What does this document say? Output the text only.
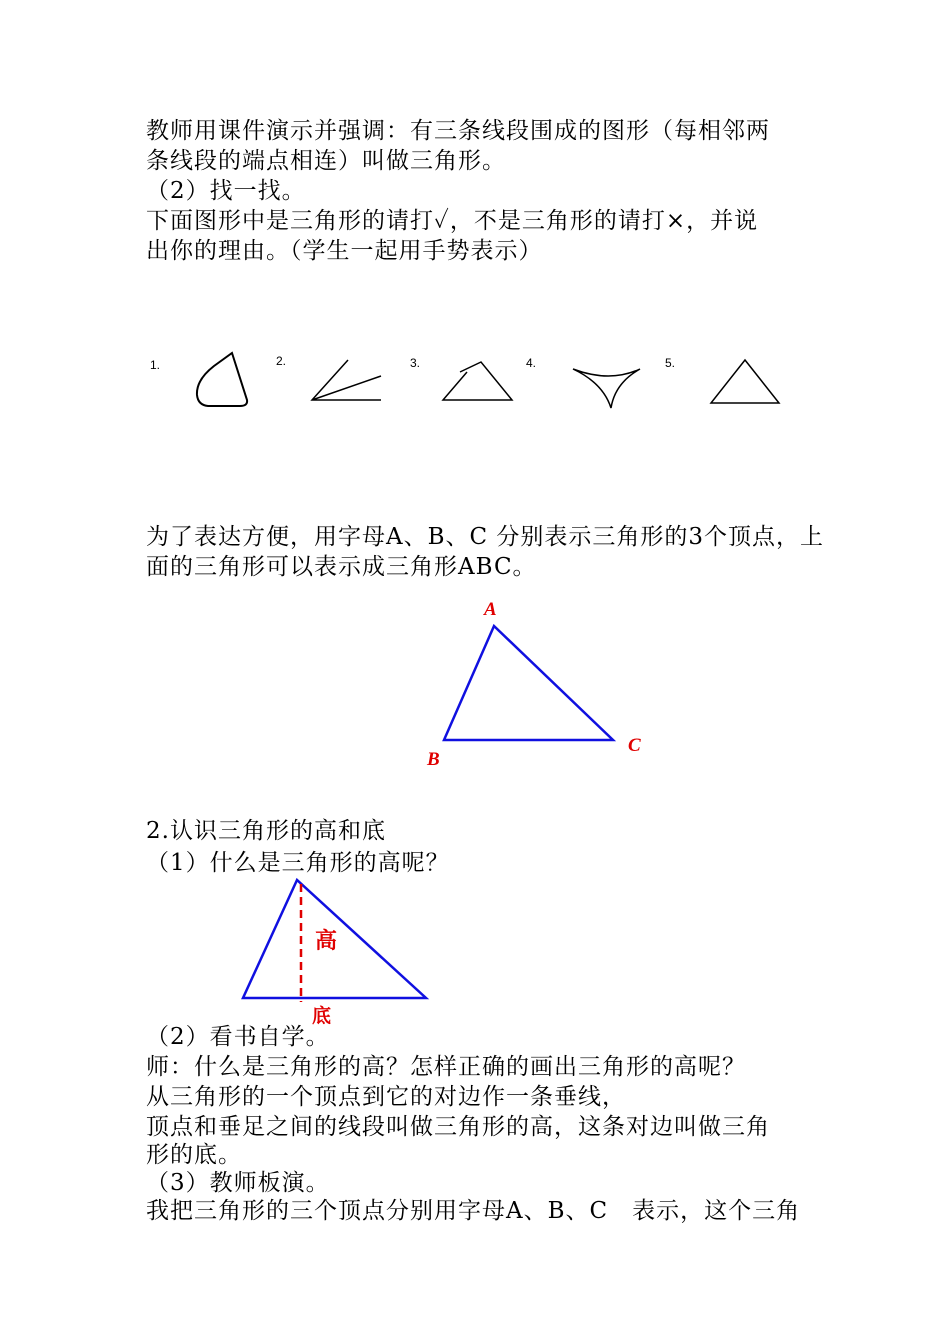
教师用课件演示并强调：有三条线段围成的图形（每相邻两
条线段的端点相连）叫做三角形。
（2）找一找。
下面图形中是三角形的请打✓，不是三角形的请打×，并说
出你的理由。（学生一起用手势表示）
1.	2.	3.	4.	5.
为了表达方便，用字母A、B、C 分别表示三角形的3个顶点，上
面的三角形可以表示成三角形ABC。
A
B
C
2.认识三角形的高和底
（1）什么是三角形的高呢？
高
底
（2）看书自学。
师：什么是三角形的高？怎样正确的画出三角形的高呢？
从三角形的一个顶点到它的对边作一条垂线，
顶点和垂足之间的线段叫做三角形的高，这条对边叫做三角
形的底。
（3）教师板演。
我把三角形的三个顶点分别用字母A、B、C　表示，这个三角
